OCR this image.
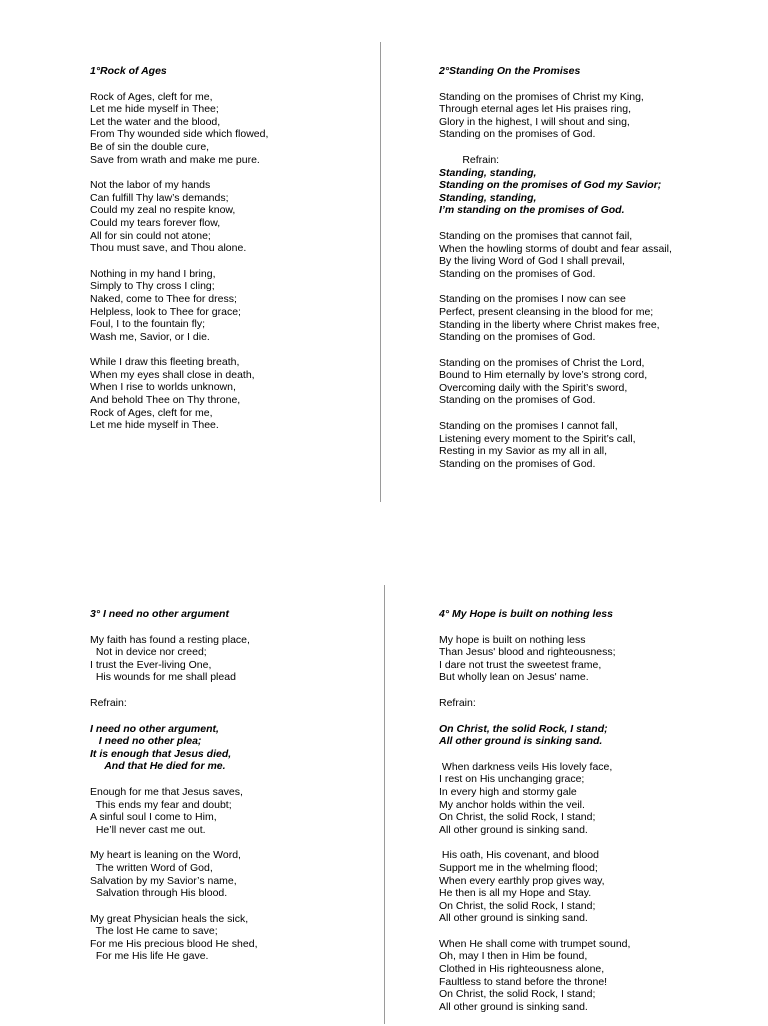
1°Rock of Ages
Rock of Ages, cleft for me,
Let me hide myself in Thee;
Let the water and the blood,
From Thy wounded side which flowed,
Be of sin the double cure,
Save from wrath and make me pure.
Not the labor of my hands
Can fulfill Thy law’s demands;
Could my zeal no respite know,
Could my tears forever flow,
All for sin could not atone;
Thou must save, and Thou alone.
Nothing in my hand I bring,
Simply to Thy cross I cling;
Naked, come to Thee for dress;
Helpless, look to Thee for grace;
Foul, I to the fountain fly;
Wash me, Savior, or I die.
While I draw this fleeting breath,
When my eyes shall close in death,
When I rise to worlds unknown,
And behold Thee on Thy throne,
Rock of Ages, cleft for me,
Let me hide myself in Thee.
2°Standing On the Promises
Standing on the promises of Christ my King,
Through eternal ages let His praises ring,
Glory in the highest, I will shout and sing,
Standing on the promises of God.
Refrain:
Standing, standing,
Standing on the promises of God my Savior;
Standing, standing,
I’m standing on the promises of God.
Standing on the promises that cannot fail,
When the howling storms of doubt and fear assail,
By the living Word of God I shall prevail,
Standing on the promises of God.
Standing on the promises I now can see
Perfect, present cleansing in the blood for me;
Standing in the liberty where Christ makes free,
Standing on the promises of God.
Standing on the promises of Christ the Lord,
Bound to Him eternally by love’s strong cord,
Overcoming daily with the Spirit’s sword,
Standing on the promises of God.
Standing on the promises I cannot fall,
Listening every moment to the Spirit’s call,
Resting in my Savior as my all in all,
Standing on the promises of God.
3° I need no other argument
My faith has found a resting place,
Not in device nor creed;
I trust the Ever-living One,
His wounds for me shall plead
Refrain:
I need no other argument,
I need no other plea;
It is enough that Jesus died,
And that He died for me.
Enough for me that Jesus saves,
This ends my fear and doubt;
A sinful soul I come to Him,
He’ll never cast me out.
My heart is leaning on the Word,
The written Word of God,
Salvation by my Savior’s name,
Salvation through His blood.
My great Physician heals the sick,
The lost He came to save;
For me His precious blood He shed,
For me His life He gave.
4° My Hope is built on nothing less
My hope is built on nothing less
Than Jesus' blood and righteousness;
I dare not trust the sweetest frame,
But wholly lean on Jesus' name.
Refrain:
On Christ, the solid Rock, I stand;
All other ground is sinking sand.
When darkness veils His lovely face,
I rest on His unchanging grace;
In every high and stormy gale
My anchor holds within the veil.
On Christ, the solid Rock, I stand;
All other ground is sinking sand.
His oath, His covenant, and blood
Support me in the whelming flood;
When every earthly prop gives way,
He then is all my Hope and Stay.
On Christ, the solid Rock, I stand;
All other ground is sinking sand.
When He shall come with trumpet sound,
Oh, may I then in Him be found,
Clothed in His righteousness alone,
Faultless to stand before the throne!
On Christ, the solid Rock, I stand;
All other ground is sinking sand.
